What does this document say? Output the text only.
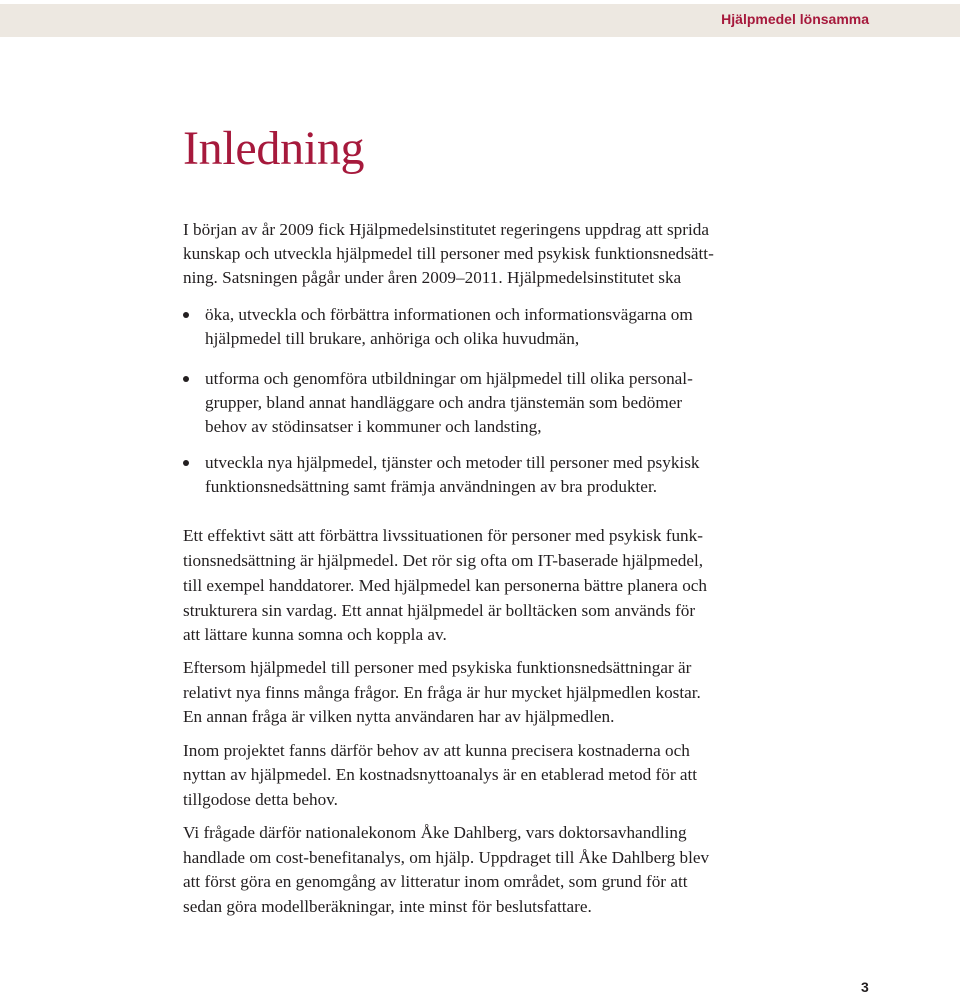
Hjälpmedel lönsamma
Inledning
I början av år 2009 fick Hjälpmedelsinstitutet regeringens uppdrag att sprida
kunskap och utveckla hjälpmedel till personer med psykisk funktionsnedsätt-
ning. Satsningen pågår under åren 2009–2011. Hjälpmedelsinstitutet ska
öka, utveckla och förbättra informationen och informationsvägarna om
hjälpmedel till brukare, anhöriga och olika huvudmän,
utforma och genomföra utbildningar om hjälpmedel till olika personal-
grupper, bland annat handläggare och andra tjänstemän som bedömer
behov av stödinsatser i kommuner och landsting,
utveckla nya hjälpmedel, tjänster och metoder till personer med psykisk
funktionsnedsättning samt främja användningen av bra produkter.
Ett effektivt sätt att förbättra livssituationen för personer med psykisk funk-
tionsnedsättning är hjälpmedel. Det rör sig ofta om IT-baserade hjälpmedel,
till exempel handdatorer. Med hjälpmedel kan personerna bättre planera och
strukturera sin vardag. Ett annat hjälpmedel är bolltäcken som används för
att lättare kunna somna och koppla av.
Eftersom hjälpmedel till personer med psykiska funktionsnedsättningar är
relativt nya finns många frågor. En fråga är hur mycket hjälpmedlen kostar.
En annan fråga är vilken nytta användaren har av hjälpmedlen.
Inom projektet fanns därför behov av att kunna precisera kostnaderna och
nyttan av hjälpmedel. En kostnadsnyttoanalys är en etablerad metod för att
tillgodose detta behov.
Vi frågade därför nationalekonom Åke Dahlberg, vars doktorsavhandling
handlade om cost-benefitanalys, om hjälp. Uppdraget till Åke Dahlberg blev
att först göra en genomgång av litteratur inom området, som grund för att
sedan göra modellberäkningar, inte minst för beslutsfattare.
3
